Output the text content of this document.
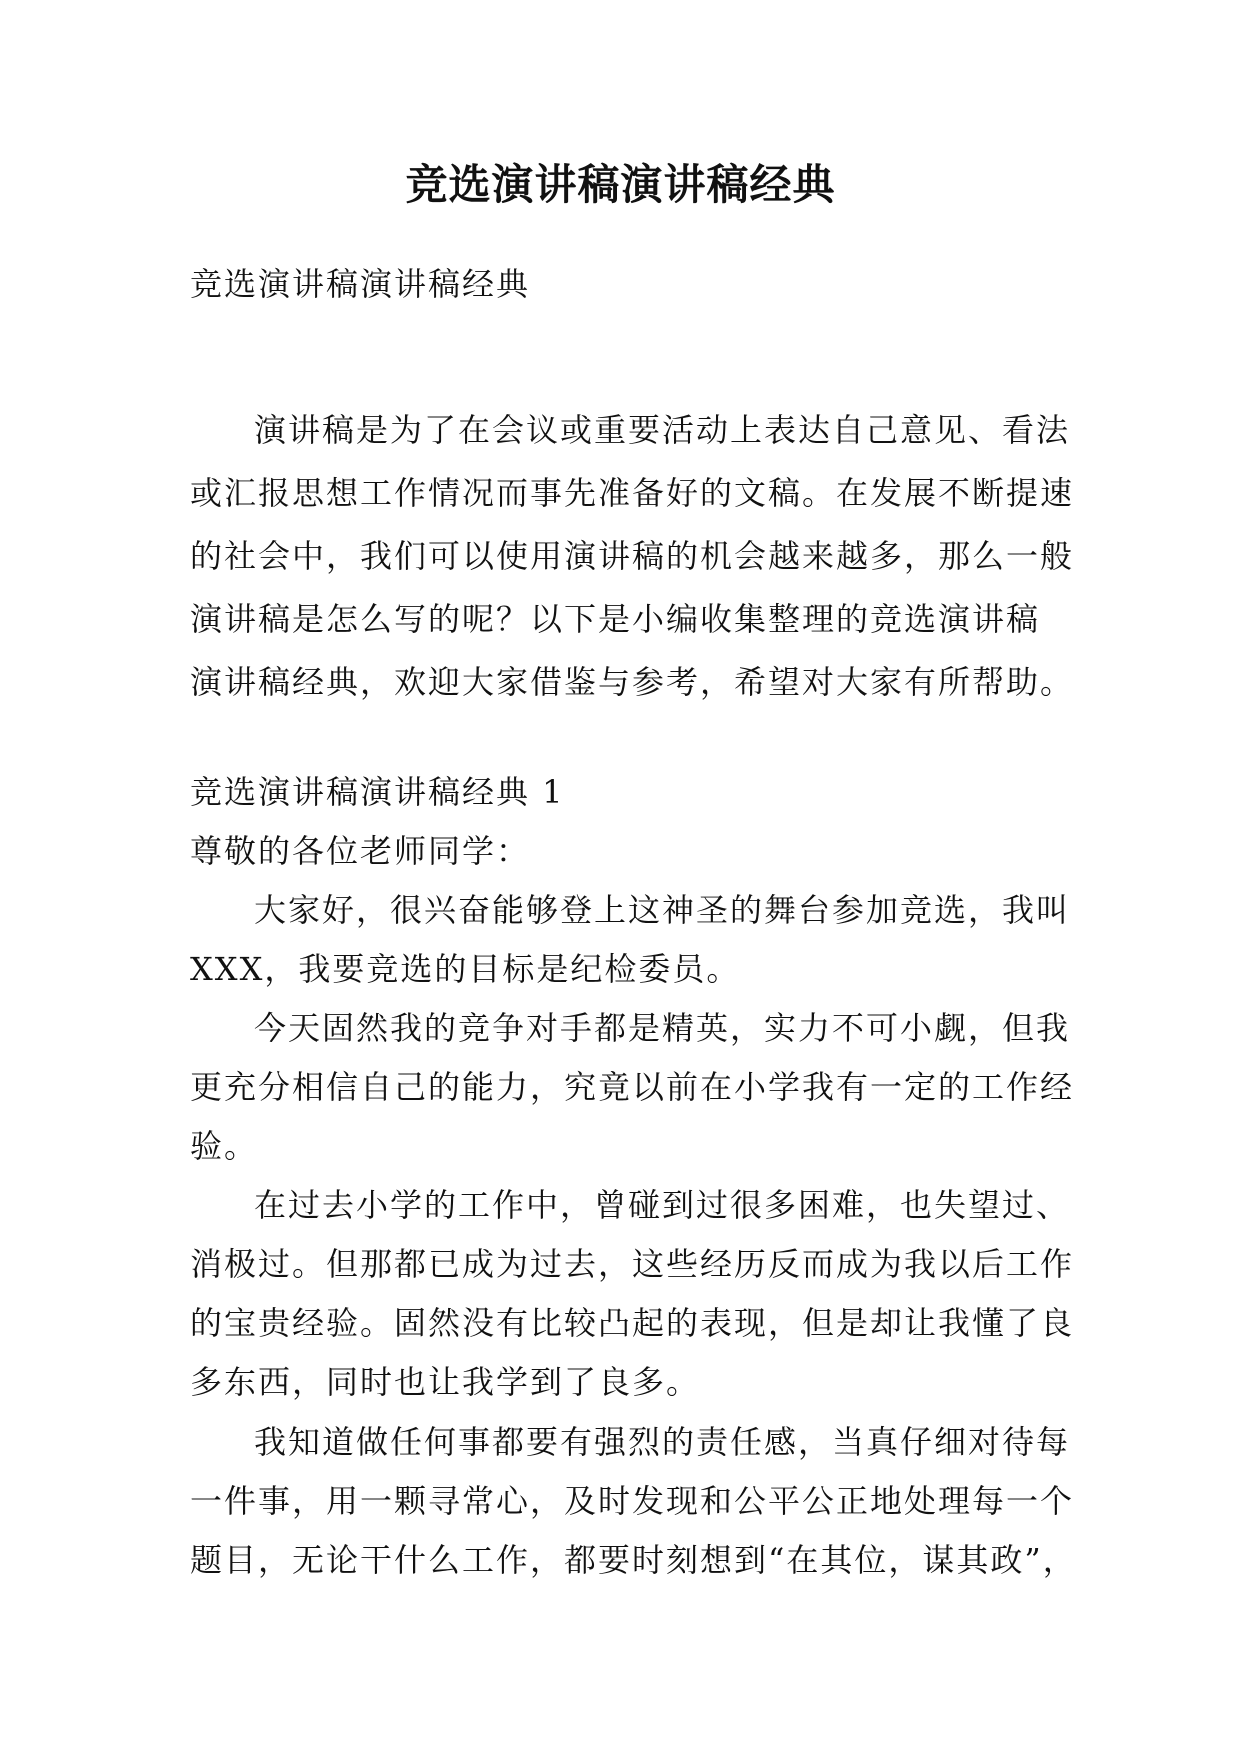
竞选演讲稿演讲稿经典
竞选演讲稿演讲稿经典
演讲稿是为了在会议或重要活动上表达自己意见、看法
或汇报思想工作情况而事先准备好的文稿。在发展不断提速
的社会中，我们可以使用演讲稿的机会越来越多，那么一般
演讲稿是怎么写的呢？以下是小编收集整理的竞选演讲稿
演讲稿经典，欢迎大家借鉴与参考，希望对大家有所帮助。
竞选演讲稿演讲稿经典 1
尊敬的各位老师同学：
大家好，很兴奋能够登上这神圣的舞台参加竞选，我叫
XXX，我要竞选的目标是纪检委员。
今天固然我的竞争对手都是精英，实力不可小觑，但我
更充分相信自己的能力，究竟以前在小学我有一定的工作经
验。
在过去小学的工作中，曾碰到过很多困难，也失望过、
消极过。但那都已成为过去，这些经历反而成为我以后工作
的宝贵经验。固然没有比较凸起的表现，但是却让我懂了良
多东西，同时也让我学到了良多。
我知道做任何事都要有强烈的责任感，当真仔细对待每
一件事，用一颗寻常心，及时发现和公平公正地处理每一个
题目，无论干什么工作，都要时刻想到“在其位，谋其政”，
